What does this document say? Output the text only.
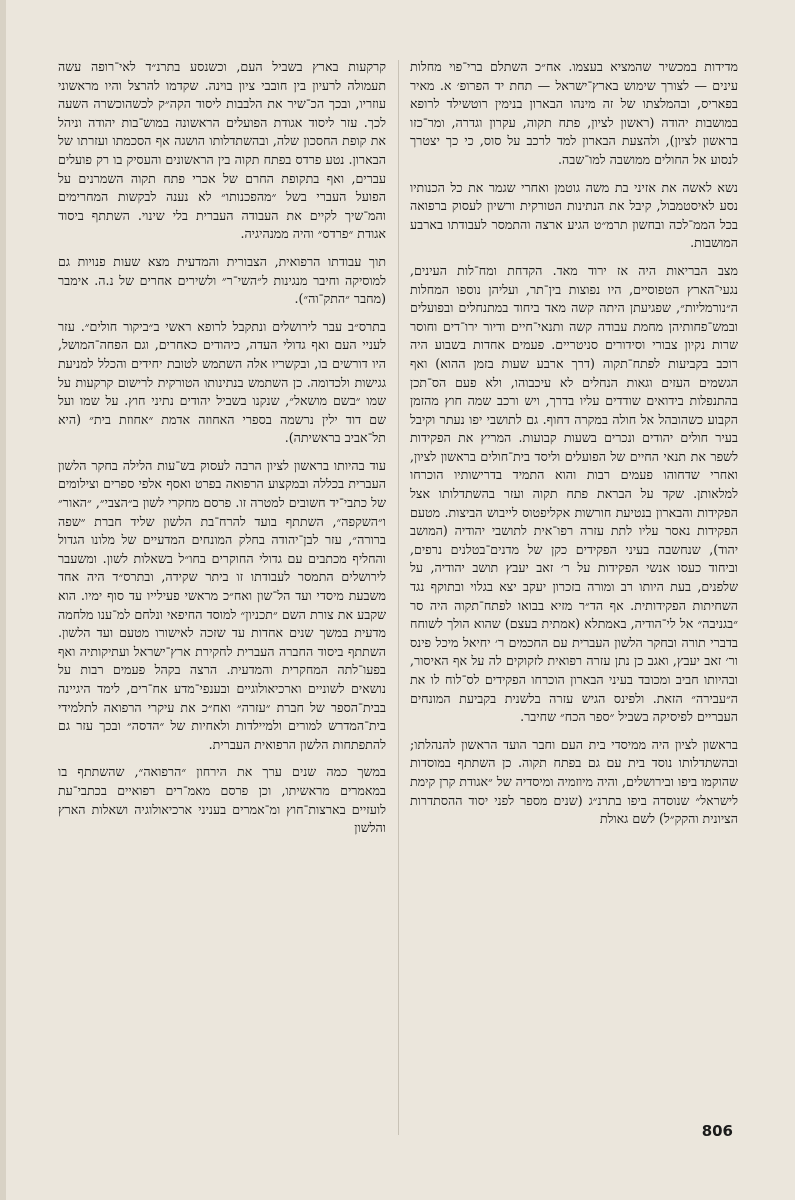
מדידות במכשיר שהמציא בעצמו. אח״כ השתלם ברי־פוי מחלות עינים — לצורך שימוש בארץ־ישראל — תחת יד הפרופ׳ א. מאיר בפאריס, ובהמלצתו של זה מינהו הבארון בנימין רוטשילד לרופא במושבות יהודה (ראשון לציון, פתח תקוה, עקרון וגדרה, ומר־כזו בראשון לציון), ולהצעת הבארון למד לרכב על סוס, כי כך יצטרך לנסוע אל החולים ממושבה למו־שבה.

נשא לאשה את אזיני בת משה גוטמן ואחרי שגמר את כל הכנותיו נסע לאיסטמבול, קיבל את הנתינות הטורקית ורשיון לעסוק ברפואה בכל הממ־לכה ובחשון תרמ״ט הגיע ארצה והתמסר לעבודתו בארבע המושבות.

מצב הבריאות היה אז ירוד מאד. הקדחת ומח־לות העינים, נגעי־הארץ הטפוסיים, היו נפוצות בין־תר, ועליהן נוספו המחלות ה״נורמליות״, שפגיעתן היתה קשה מאד ביחוד במתנחלים ובפועלים ובמש־פחותיהן מחמת עבודה קשה ותנאי־חיים ודיור ירו־דים וחוסר שרות נקיון צבורי וסידורים סניטריים. פעמים אחדות בשבוע היה רוכב בקביעות לפתח־תקוה (דרך ארבע שעות בזמן ההוא) ואף הגשמים העזים וגאות הנחלים לא עיכבוהו, ולא פעם הס־תכן בהתנפלות בידואים שודדים עליו בדרך, ויש ורכב שמה חוץ מהזמן הקבוע כשהובהל אל חולה במקרה דחוף. גם לתושבי יפו נעתר וקיבל בעיר חולים יהודים ונכרים בשעות קבועות. המריץ את הפקידות לשפר את תנאי החיים של הפועלים וליסד בית־חולים בראשון לציון, ואחרי שדחוהו פעמים רבות והוא התמיד בדרישותיו הוכרחו למלאותן. שקד על הבראת פתח תקוה ועזר בהשתדלותו אצל הפקידות והבארון בנטיעת חורשות אקליפטוס לייבוש הביצות. מטעם הפקידות נאסר עליו לתת עזרה רפו־אית לתושבי יהודיה (המושב יהוד), שנחשבה בעיני הפקידים כקן של מדנים־בטלנים נרפים, וביחוד כעסו אנשי הפקידות על ר׳ זאב יעבץ תושב יהודיה, על שלפנים, בעת היותו רב ומורה בזכרון יעקב יצא בגלוי ובתוקף נגד השחיתות הפקידותית. אף הד״ר מזיא בבואו לפתח־תקוה היה סר ״בגניבה״ אל לי־הודיה, באמתלא (אמתית בעצם) שהוא הולך לשוחח בדברי תורה ובחקר הלשון העברית עם החכמים ר׳ יחיאל מיכל פינס ור׳ זאב יעבץ, ואגב כן נתן עזרה רפואית לזקוקים לה על אף האיסור, ובהיותו חביב ומכובד בעיני הבארון הוכרחו הפקידים לס־לוח לו את ה״עבירה״ הזאת. ולפינס הגיש עזרה בלשנית בקביעת המונחים העבריים לפיסיקה בשביל ״ספר הכח״ שחיבר.

בראשון לציון היה ממיסדי בית העם וחבר הועד הראשון להנהלתו; ובהשתדלותו נוסד בית עם גם בפתח תקוה. כן השתתף במוסדות שהוקמו ביפו ובירושלים, והיה מיוזמיה ומיסדיה של ״אגודת קרן קימת לישראל״ שנוסדה ביפו בתרנ״ג (שנים מספר לפני יסוד ההסתדרות הציונית והקק״ל) לשם גאולת

קרקעות בארץ בשביל העם, וכשנסע בתרנ״ד לאי־רופה עשה תעמולה לרעיון בין חובבי ציון בוינה. שקדמו להרצל והיו מראשוני עוזריו, ובכך הכ־שיר את הלבבות ליסוד הקה״ק לכשהוכשרה השעה לכך. עזר ליסוד אגודת הפועלים הראשונה במוש־בות יהודה וניהל את קופת החסכון שלה, ובהשתדלותו הושגה אף הסכמתו ועזרתו של הבארון. נטע פרדס בפתח תקוה בין הראשונים והעסיק בו רק פועלים עברים, ואף בתקופת החרם של אכרי פתח תקוה השמרנים על הפועל העברי בשל ״מהפכנותו״ לא נענה לבקשות המחרימים והמ־שיך לקיים את העבודה העברית בלי שינוי. השתתף ביסוד אגודת ״פרדס״ והיה ממנהיגיה.

תוך עבודתו הרפואית, הצבורית והמדעית מצא שעות פנויות גם למוסיקה וחיבר מנגינות ל״השי־ר״ ולשירים אחרים של נ.ה. אימבר (מחבר ״התק־וה״).

בתרס״ב עבר לירושלים ונתקבל לרופא ראשי ב״ביקור חולים״. עזר לעניי העם ואף גדולי העדה, כיהודים כאחרים, וגם הפחה־המושל, היו דורשים בו, ובקשריו אלה השתמש לטובת יחידים והכלל למניעת גגישות ולכדומה. כן השתמש בנתינותו הטורקית לרישום קרקעות על שמו ״בשם מושאל״, שנקנו בשביל יהודים נתיני חוץ. על שמו ועל שם דוד ילין נרשמה בספרי האחוזה אדמת ״אחוזת בית״ (היא תל־אביב בראשיתה).

עוד בהיותו בראשון לציון הרבה לעסוק בש־עות הלילה בחקר הלשון העברית בכללה ובמקצוע הרפואה בפרט ואסף אלפי ספרים וצילומים של כתבי־יד חשובים למטרה זו. פרסם מחקרי לשון ב״הצבי״, ״האור״ ו״השקפה״, השתתף בועד להרח־בת הלשון שליד חברת ״שפה ברורה״, עזר לבן־יהודה בחלק המונחים המדעיים של מלונו הגדול והחליף מכתבים עם גדולי החוקרים בחו״ל בשאלות לשון. ומשעבר לירושלים התמסר לעבודתו זו ביתר שקידה, ובתרס״ד היה אחד משבעת מיסדי ועד הל־שון ואח״כ מראשי פעילייו עד סוף ימיו. הוא שקבע את צורת השם ״תכניון״ למוסד החיפאי ונלחם למ־ענו מלחמה מדעית במשך שנים אחדות עד שזכה לאישורו מטעם ועד הלשון. השתתף ביסוד החברה העברית לחקירת ארץ־ישראל ועתיקותיה ואף בפעו־לתה המחקרית והמדעית. הרצה בקהל פעמים רבות על נושאים לשוניים וארכיאולוגיים ובענפי־מדע אח־רים, לימד היגיינה בבית־הספר של חברת ״עזרה״ ואח״כ את עיקרי הרפואה לתלמידי בית־המדרש למורים ולמיילדות ולאחיות של ״הדסה״ ובכך עזר גם להתפתחות הלשון הרפואית העברית.

במשך כמה שנים ערך את הירחון ״הרפואה״, שהשתתף בו במאמרים מראשיתו, וכן פרסם מאמ־רים רפואיים בכתבי־עת לועזיים בארצות־חוץ ומ־אמרים בעניני ארכיאולוגיה ושאלות הארץ והלשון

806
